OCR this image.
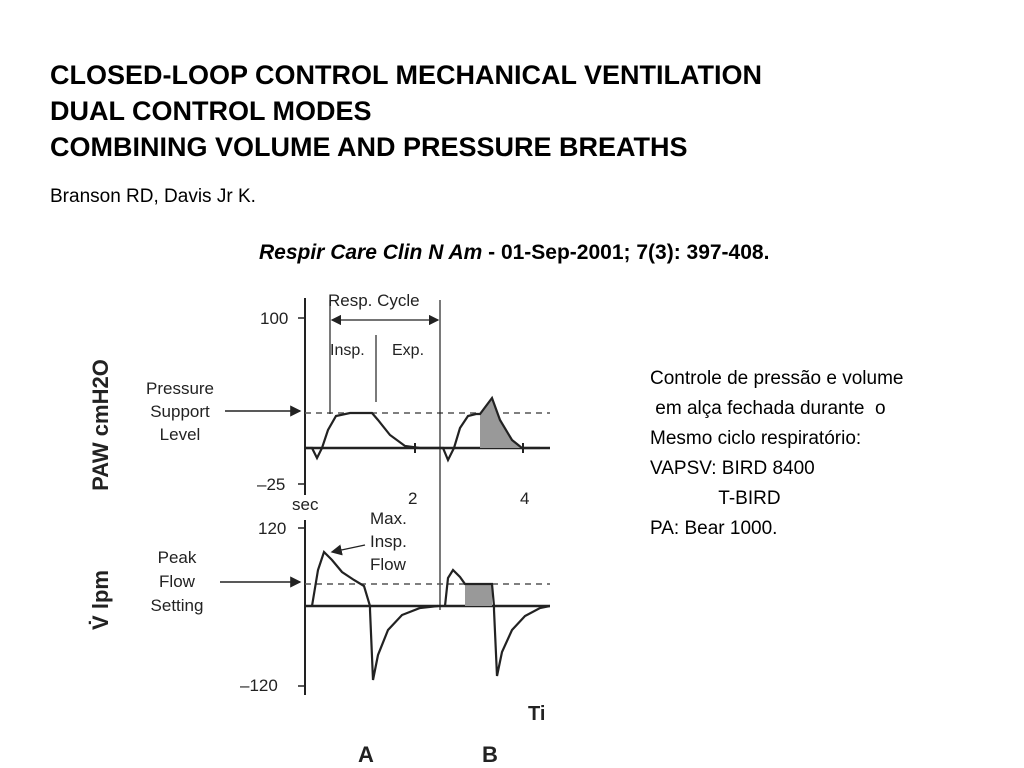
CLOSED-LOOP CONTROL MECHANICAL VENTILATION
DUAL CONTROL MODES
COMBINING VOLUME AND PRESSURE BREATHS
Branson RD, Davis Jr K.
Respir Care Clin N Am - 01-Sep-2001; 7(3): 397-408.
PAW cmH2O
V̇ lpm
100
–25
Resp. Cycle
Insp. Exp.
Pressure
Support
Level
sec	2	4
120
–120
Max.
Insp.
Flow
Peak
Flow
Setting
Ti
A	B
Controle de pressão e volume
em alça fechada durante  o
Mesmo ciclo respiratório:
VAPSV: BIRD 8400
T-BIRD
PA: Bear 1000.
